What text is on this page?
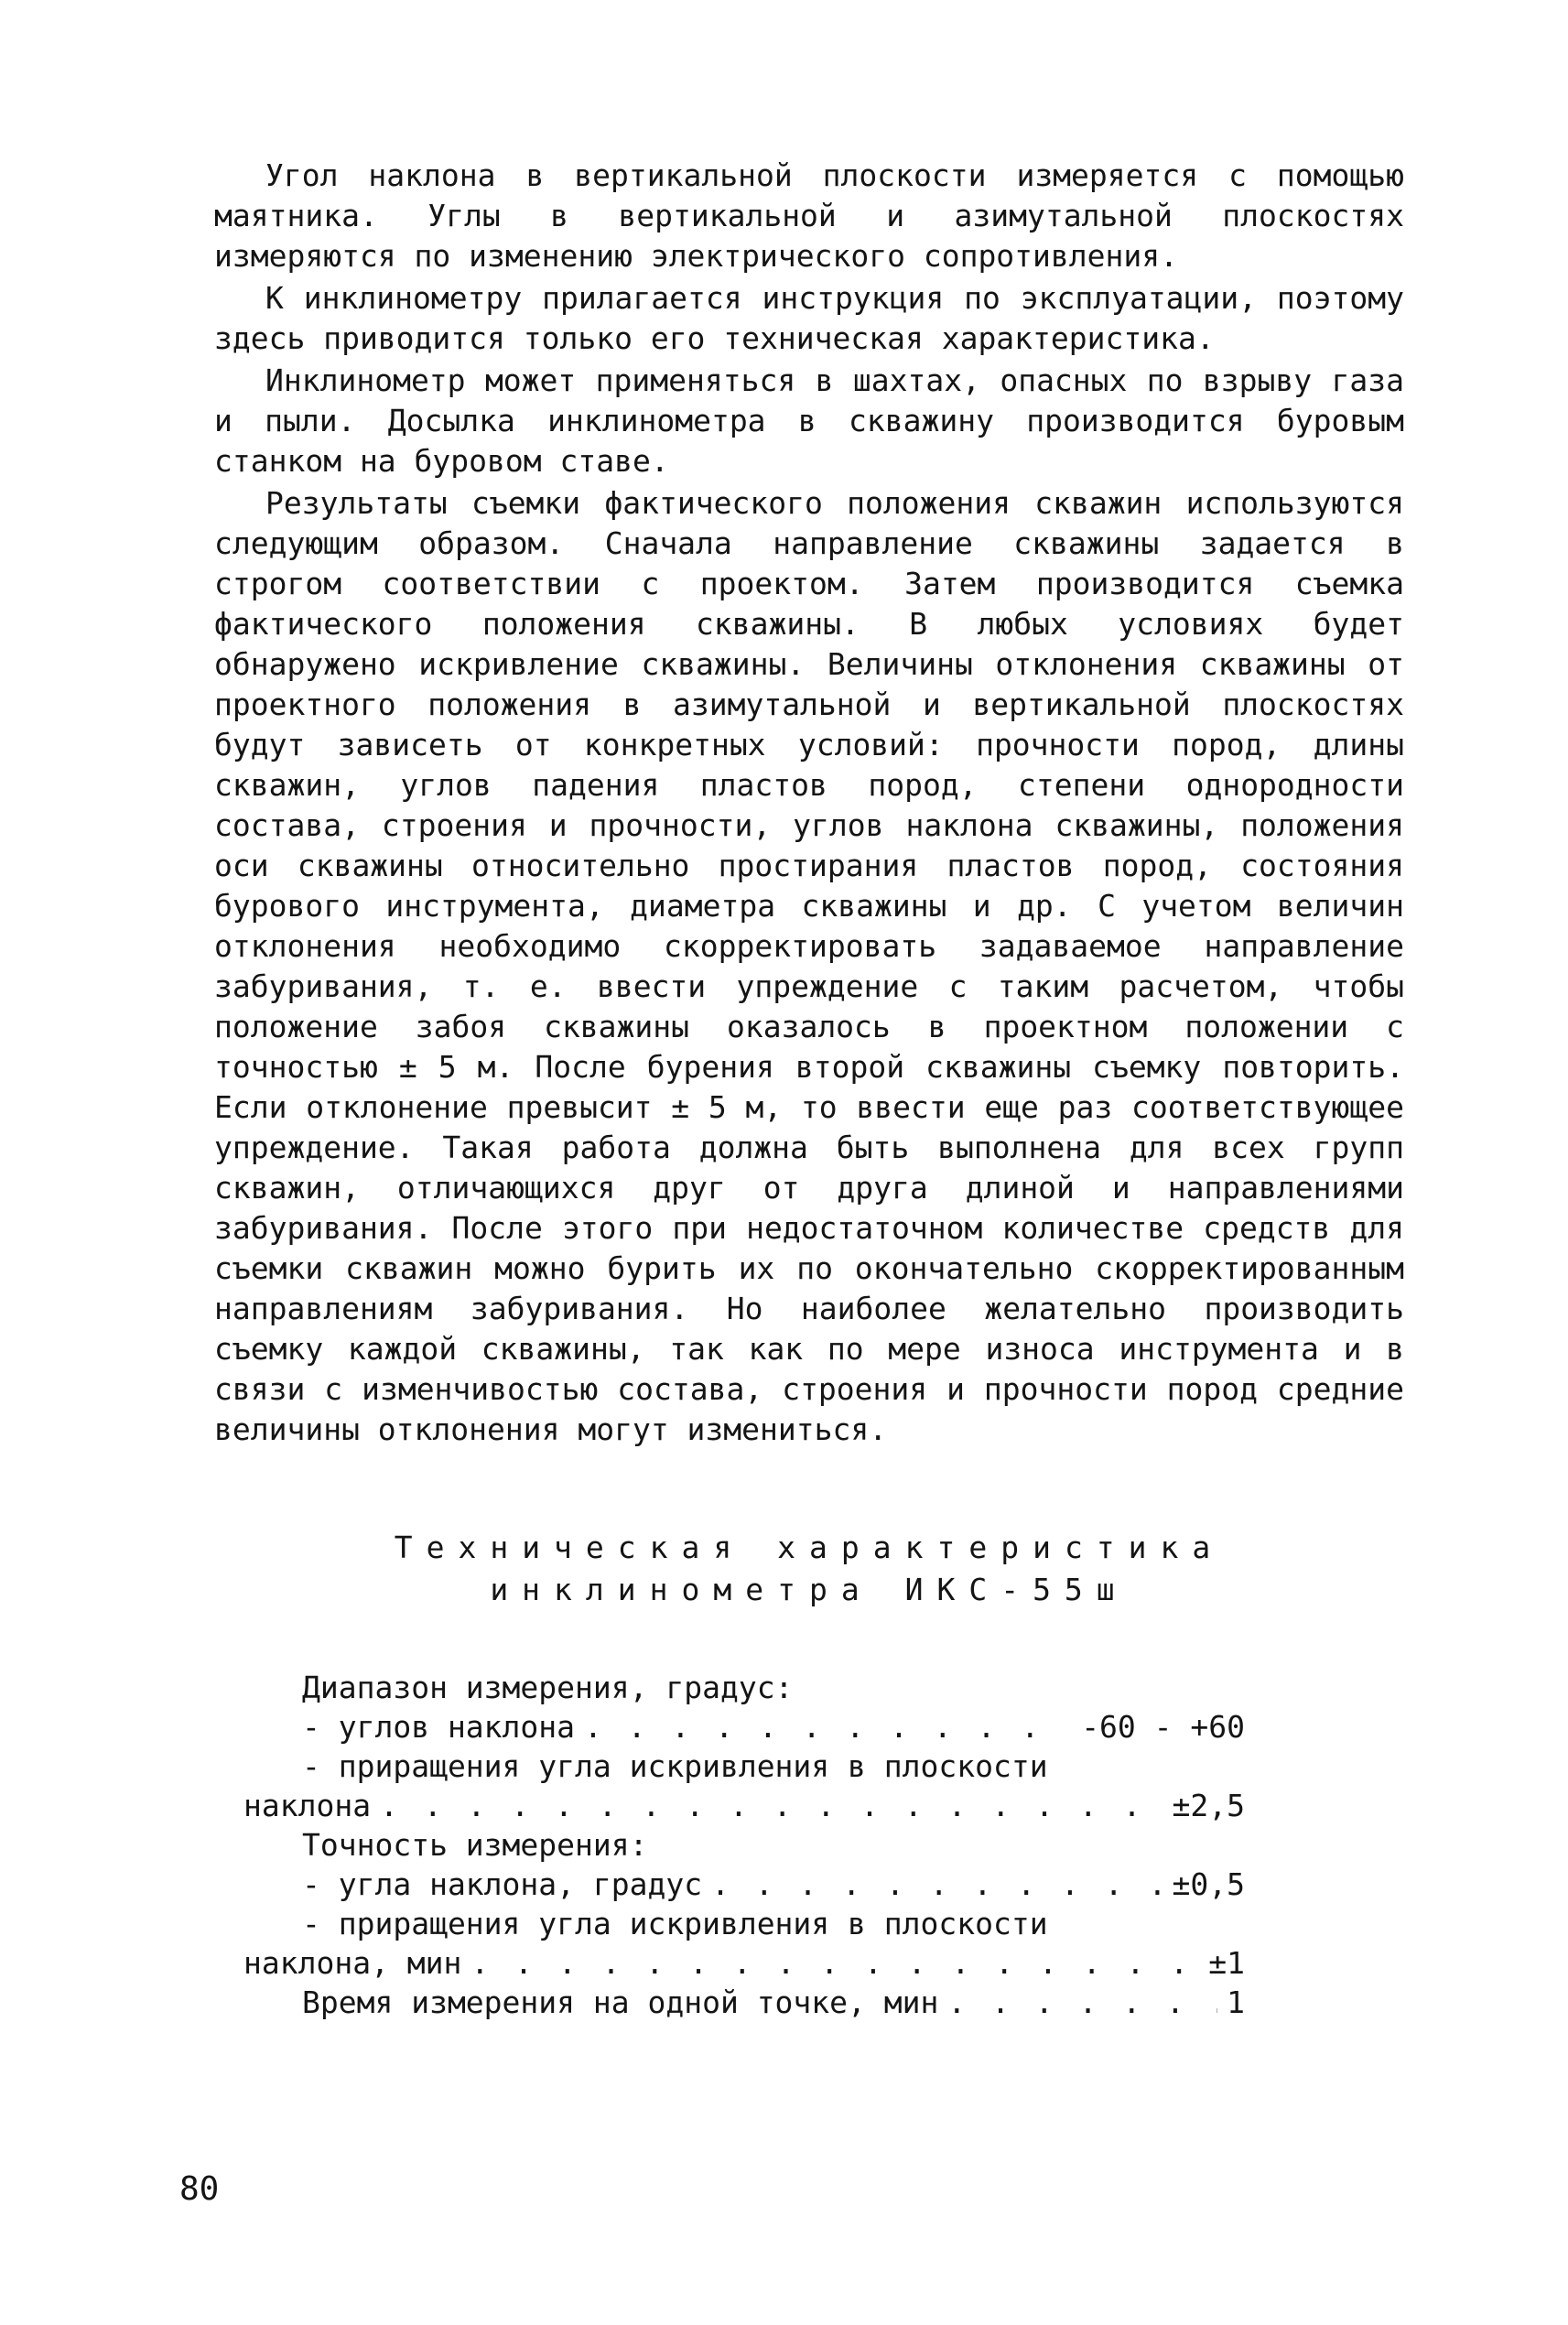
Угол наклона в вертикальной плоскости измеряется с помощью маятника. Углы в вертикальной и азимутальной плоскостях измеряются по изменению электрического сопротивления.

К инклинометру прилагается инструкция по эксплуатации, поэтому здесь приводится только его техническая характеристика.

Инклинометр может применяться в шахтах, опасных по взрыву газа и пыли. Досылка инклинометра в скважину производится буровым станком на буровом ставе.

Результаты съемки фактического положения скважин используются следующим образом. Сначала направление скважины задается в строгом соответствии с проектом. Затем производится съемка фактического положения скважины. В любых условиях будет обнаружено искривление скважины. Величины отклонения скважины от проектного положения в азимутальной и вертикальной плоскостях будут зависеть от конкретных условий: прочности пород, длины скважин, углов падения пластов пород, степени однородности состава, строения и прочности, углов наклона скважины, положения оси скважины относительно простирания пластов пород, состояния бурового инструмента, диаметра скважины и др. С учетом величин отклонения необходимо скорректировать задаваемое направление забуривания, т. е. ввести упреждение с таким расчетом, чтобы положение забоя скважины оказалось в проектном положении с точностью ± 5 м. После бурения второй скважины съемку повторить. Если отклонение превысит ± 5 м, то ввести еще раз соответствующее упреждение. Такая работа должна быть выполнена для всех групп скважин, отличающихся друг от друга длиной и направлениями забуривания. После этого при недостаточном количестве средств для съемки скважин можно бурить их по окончательно скорректированным направлениям забуривания. Но наиболее желательно производить съемку каждой скважины, так как по мере износа инструмента и в связи с изменчивостью состава, строения и прочности пород средние величины отклонения могут измениться.

Техническая характеристика
инклинометра ИКС-55ш
Диапазон измерения, градус:
- углов наклона . . .	-60 - +60
- приращения угла искривления в плоскости
наклона . . .	±2,5
Точность измерения:
- угла наклона, градус . . .	±0,5
- приращения угла искривления в плоскости
наклона, мин . . .	±1
Время измерения на одной точке, мин . . .	1
80
